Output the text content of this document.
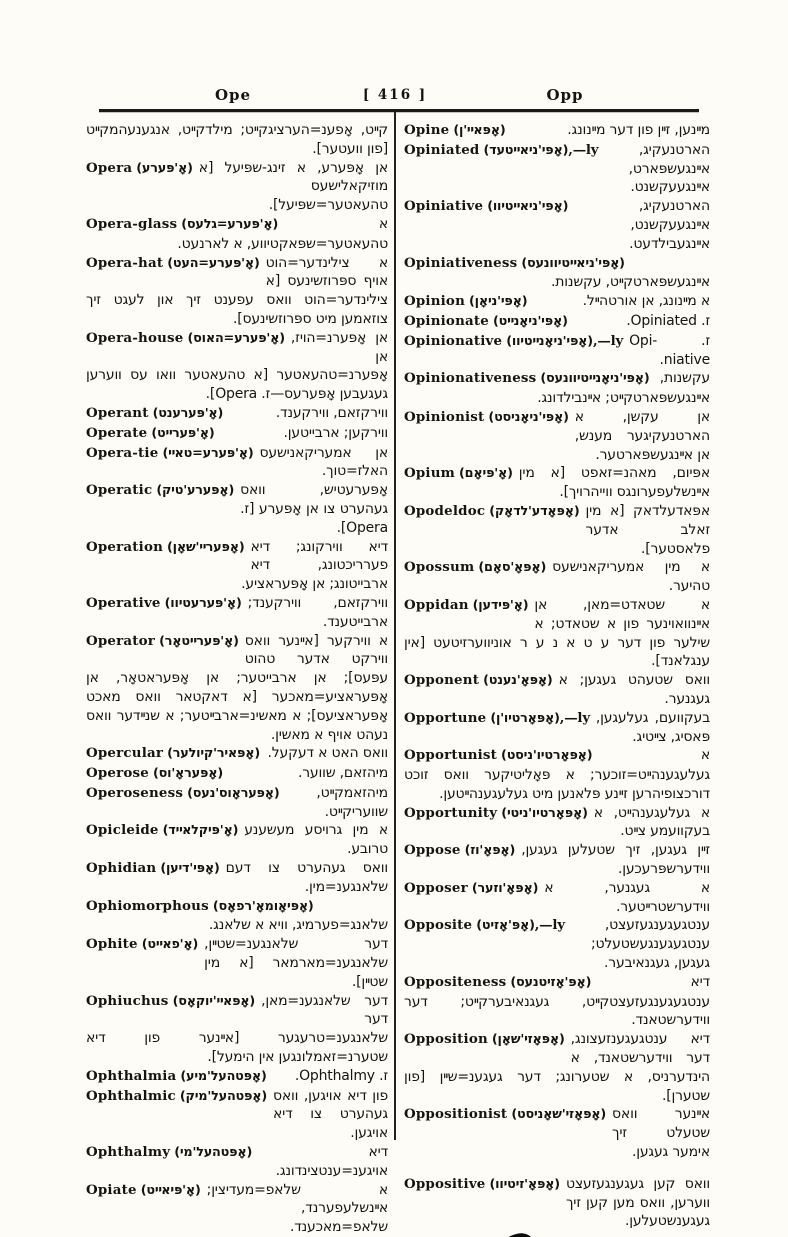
Ope	[ 416 ]	Opp
קײט, אָפענ=הערציגקײט; מילדקײט, אנגענעהמקײט [פון וועטער].
Opera (אָ'פּערע) אן אָפּערע, א זינג-שפּיעל [א מוזיקאלישעס טהעאטער=שפּיעל].
Opera-glass (אָ'פּערע=גלעס)	א טהעאטער=שפּאקטיווע, א לארנעט.
Opera-hat (אָ'פּערע=העט) א צילינדער=הוט אויף ספּרוזשינעס [א צילינדער=הוט וואס עפענט זיך און לעגט זיך צוזאמען מיט ספּרוזשינעס].
Opera-house (אָ'פּערע=האוס) אן אָפּערנ=הויז, אן אָפּערנ=טהעאטער [א טהעאטער וואו עס ווערען געגעבען אָפּערעס—ז. Opera].
Operant (אָ'פּערענט)	ווירקזאם, ווירקענד.
Operate (אָ'פּערײט)	ווירקען; ארבייטען.
Opera-tie (אָ'פּערע=טאײ) אן אמעריקאנישעס האלז=טוך.
Operatic (אָפּערע'טיק) אָפּערעטיש, וואס געהערט צו אן אָפּערע [ז. Opera].
Operation (אָפּערײ'שאָן) דיא ווירקונג; דיא פערריכטונג, דיא ארבייטונג; אן אָפּעראציע.
Operative (אָ'פּערעטיוו) ווירקזאם, ווירקענד; ארבייטענד.
Operator (אָ'פּערײטאָר) א ווירקער [אײנער וואס ווירקט אדער טהוט עפּעס]; אן ארבייטער; אן אָפּעראטאָר, אן אָפּעראציע=מאכער [א דאקטאר וואס מאכט אָפּעראציעס]; א מאשינ=ארבײטער; א שנײדער וואס נעהט אויף א מאשין.
Opercular (אָפּאיר'קיולער) וואס האט א דעקעל.
Operose (אָפּעראָ'וס)	מיהזאם, שווער.
Operoseness (אָפּעראָוס'נעס)	מיהזאמקײט, שוועריקײט.
Opicleide (אָ'פּיקלאײד) א מין גרויסע מעשענע טרובע.
Ophidian (אָפּי'דיען) וואס געהערט צו דעם שלאנגענ=מין.
Ophiomorphous (אָפּיאָומאָ'רפאָס)
שלאנג=פערמיג, וויא א שלאנג.
Ophite (אָ'פאײט) דער שלאנגענ=שטײן, שלאנגענ=מארמאר [א מין שטײן].
Ophiuchus (אָפּאײ'יוקאָס) דער שלאנגענ=מאן, דער שלאנגענ=טרעגער [אײנער פון דיא שטערנ=זאמלונגען אין הימעל].
Ophthalmia (אָפּטהעל'מיע) ז. Ophthalmy.
Ophthalmic (אָפּטהעל'מיק) פון דיא אויגען, וואס געהערט צו דיא אויגען.
Ophthalmy (אָפּטהעל'מי)	דיא אויגענ=ענטצינדונג.
Opiate (אָ'פּיאײט) א שלאפ=מעדיצין; אײנשלעפערנד, שלאפ=מאכענד.
Opine (אָפּאײ'ן)	מײנען, זײן פון דער מײנונג.
Opiniated (אָפּי'ניאײטעד),—ly	הארטנעקיג, אײנגעשפּארט, אײנגעעקשנט.
Opiniative (אָפּי'ניאײטיוו)	הארטנעקיג, אײנגעעקשנט, אײנגעבילדעט.
Opiniativeness (אָפּי'ניאײטיוונעס)
אײנגעשפּארטקײט, עקשנות.
Opinion (אָפּי'ניאָן)	א מײנונג, אן אורטהײל.
Opinionate (אָפּי'ניאָנײט)	ז. Opiniated.
Opinionative (אָפּי'ניאָנײטיוו),—ly ז. Opi-niative.
Opinionativeness (אָפּי'ניאָנײטיוונעס) עקשנות, אײנגעשפּארטקײט; אײנבילדונג.
Opinionist (אָפּי'ניאָניסט) אן עקשן, א הארטנעקיגער מענש, אן אײנגעשפּארטער.
Opium (אָ'פּיאָם) אפּיום, מאהנ=זאפט [א מין אײנשלעפערונגס ווייהרויך].
Opodeldoc (אָפּאָדע'לדאָק) אפּאדעלדאק [א מין זאלב אדער פלאסטער].
Opossum (אָפּאָ'סאָם) א מין אמעריקאנישעס טהיער.
Oppidan (אָ'פּידען) א שטאדט=מאן, אן אײנוואוינער פון א שטאדט; א שילער פון דער ע ט א נ ע ר אוניווערזיטעט [אין ענגלאנד].
Opponent (אָפּאָ'נענט) וואס שטעהט געגען; א געגנער.
Opportune (אָפּאָרטיו'ן),—ly בעקוועם, געלעגען, פּאסיג, צײטיג.
Opportunist (אָפּאָרטיו'ניסט)	א געלעגענהײט=זוכער; א פּאָליטיקער וואס זוכט דורכצופיהרען זײנע פּלאנען מיט געלעגענהײטען.
Opportunity (אָפּאָרטיו'ניטי) א געלעגענהײט, א בעקוועמע צײט.
Oppose (אָפּאָ'וז) זײן געגען, זיך שטעלען געגען, ווידערשפּרעכען.
Opposer (אָפּאָ'וזער) א געגנער, א ווידערשטרײטער.
Opposite (אָפּ'אָזיט),—ly	ענטגעגענגעזעצט, ענטגעגענגעשטעלט; געגען, געגנאיבער.
Oppositeness (אָפּ'אָזיטנעס)	דיא ענטגעגענגעזעצטקײט, געגנאיבערקײט; דער ווידערשטאנד.
Opposition (אָפּאָזי'שאָן) דיא ענטגעגענזעצונג, דער ווידערשטאנד, א הינדערניס, א שטערונג; דער געגענ=שײן [פון שטערן].
Oppositionist (אָפּאָזי'שאָניסט) אײנער וואס שטעלט זיך אימער געגען.
Oppositive (אָפּאָ'זיטיוו) וואס קען געגענגעזעצט ווערען, וואס מען קען זיך געגענשטעלען.
